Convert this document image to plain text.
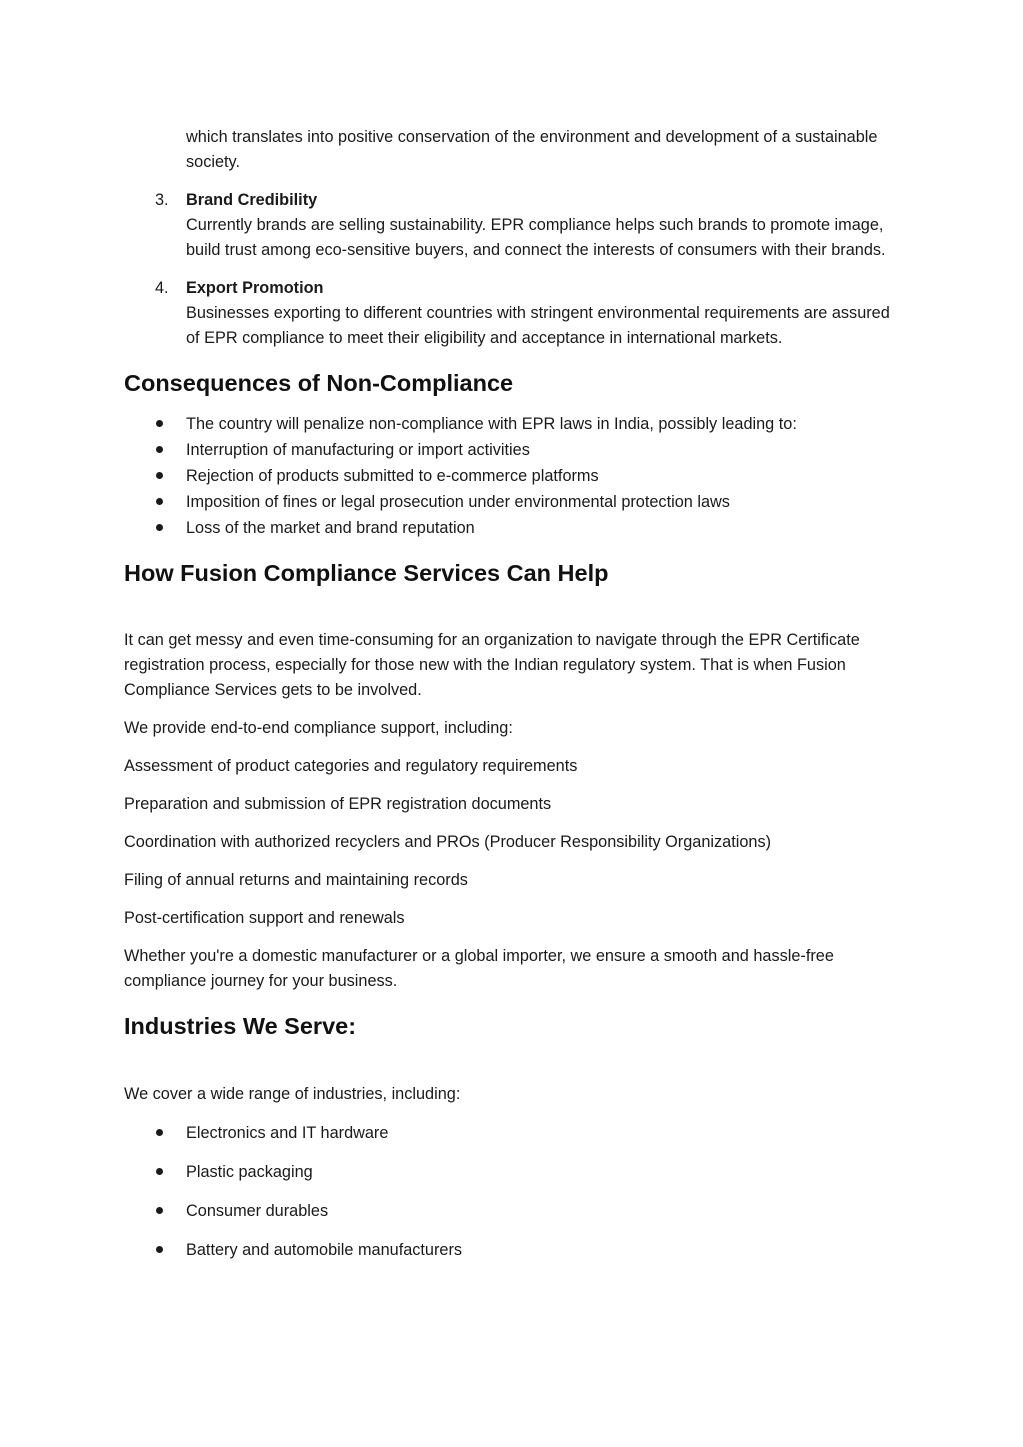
which translates into positive conservation of the environment and development of a sustainable society.

3. Brand Credibility

Currently brands are selling sustainability. EPR compliance helps such brands to promote image, build trust among eco-sensitive buyers, and connect the interests of consumers with their brands.

4. Export Promotion

Businesses exporting to different countries with stringent environmental requirements are assured of EPR compliance to meet their eligibility and acceptance in international markets.

Consequences of Non-Compliance
The country will penalize non-compliance with EPR laws in India, possibly leading to:
Interruption of manufacturing or import activities
Rejection of products submitted to e-commerce platforms
Imposition of fines or legal prosecution under environmental protection laws
Loss of the market and brand reputation
How Fusion Compliance Services Can Help

It can get messy and even time-consuming for an organization to navigate through the EPR Certificate registration process, especially for those new with the Indian regulatory system. That is when Fusion Compliance Services gets to be involved.

We provide end-to-end compliance support, including:

Assessment of product categories and regulatory requirements

Preparation and submission of EPR registration documents

Coordination with authorized recyclers and PROs (Producer Responsibility Organizations)

Filing of annual returns and maintaining records

Post-certification support and renewals

Whether you're a domestic manufacturer or a global importer, we ensure a smooth and hassle-free compliance journey for your business.

Industries We Serve:

We cover a wide range of industries, including:

Electronics and IT hardware
Plastic packaging
Consumer durables
Battery and automobile manufacturers
